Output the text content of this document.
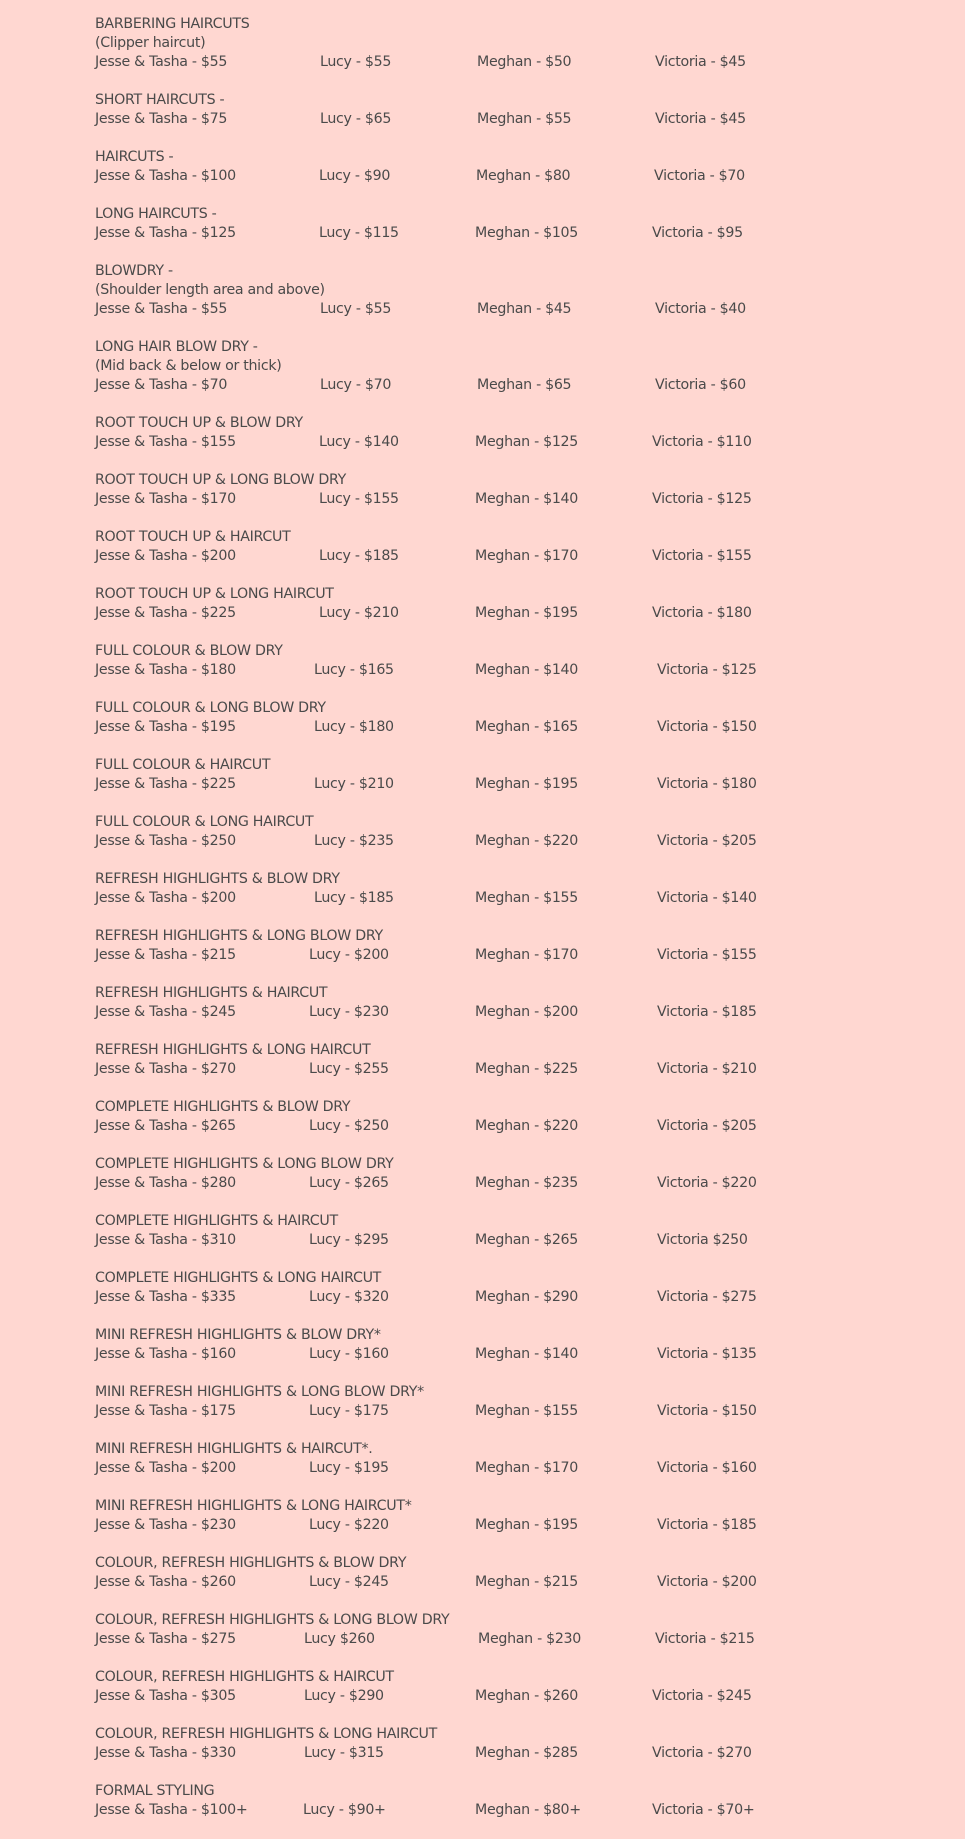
BARBERING HAIRCUTS
(Clipper haircut)
Jesse & Tasha - $55	Lucy - $55	Meghan - $50	Victoria - $45
SHORT HAIRCUTS -
Jesse & Tasha - $75	Lucy - $65	Meghan - $55	Victoria - $45
HAIRCUTS -
Jesse & Tasha - $100	Lucy - $90	Meghan - $80	Victoria - $70
LONG HAIRCUTS -
Jesse & Tasha - $125	Lucy - $115	Meghan - $105	Victoria - $95
BLOWDRY -
(Shoulder length area and above)
Jesse & Tasha - $55	Lucy - $55	Meghan - $45	Victoria - $40
LONG HAIR BLOW DRY -
(Mid back & below or thick)
Jesse & Tasha - $70	Lucy - $70	Meghan - $65	Victoria - $60
ROOT TOUCH UP & BLOW DRY
Jesse & Tasha - $155	Lucy - $140	Meghan - $125	Victoria - $110
ROOT TOUCH UP & LONG BLOW DRY
Jesse & Tasha - $170	Lucy - $155	Meghan - $140	Victoria - $125
ROOT TOUCH UP & HAIRCUT
Jesse & Tasha - $200	Lucy - $185	Meghan - $170	Victoria - $155
ROOT TOUCH UP & LONG HAIRCUT
Jesse & Tasha - $225	Lucy - $210	Meghan - $195	Victoria - $180
FULL COLOUR & BLOW DRY
Jesse & Tasha - $180	Lucy - $165	Meghan - $140	Victoria - $125
FULL COLOUR & LONG BLOW DRY
Jesse & Tasha - $195	Lucy - $180	Meghan - $165	Victoria - $150
FULL COLOUR & HAIRCUT
Jesse & Tasha - $225	Lucy - $210	Meghan - $195	Victoria - $180
FULL COLOUR & LONG HAIRCUT
Jesse & Tasha - $250	Lucy - $235	Meghan - $220	Victoria - $205
REFRESH HIGHLIGHTS & BLOW DRY
Jesse & Tasha - $200	Lucy - $185	Meghan - $155	Victoria - $140
REFRESH HIGHLIGHTS & LONG BLOW DRY
Jesse & Tasha - $215	Lucy - $200	Meghan - $170	Victoria - $155
REFRESH HIGHLIGHTS & HAIRCUT
Jesse & Tasha - $245	Lucy - $230	Meghan - $200	Victoria - $185
REFRESH HIGHLIGHTS & LONG HAIRCUT
Jesse & Tasha - $270	Lucy - $255	Meghan - $225	Victoria - $210
COMPLETE HIGHLIGHTS & BLOW DRY
Jesse & Tasha - $265	Lucy - $250	Meghan - $220	Victoria - $205
COMPLETE HIGHLIGHTS & LONG BLOW DRY
Jesse & Tasha - $280	Lucy - $265	Meghan - $235	Victoria - $220
COMPLETE HIGHLIGHTS & HAIRCUT
Jesse & Tasha - $310	Lucy - $295	Meghan - $265	Victoria $250
COMPLETE HIGHLIGHTS & LONG HAIRCUT
Jesse & Tasha - $335	Lucy - $320	Meghan - $290	Victoria - $275
MINI REFRESH HIGHLIGHTS & BLOW DRY*
Jesse & Tasha - $160	Lucy - $160	Meghan - $140	Victoria - $135
MINI REFRESH HIGHLIGHTS & LONG BLOW DRY*
Jesse & Tasha - $175	Lucy - $175	Meghan - $155	Victoria - $150
MINI REFRESH HIGHLIGHTS & HAIRCUT*.
Jesse & Tasha - $200	Lucy - $195	Meghan - $170	Victoria - $160
MINI REFRESH HIGHLIGHTS & LONG HAIRCUT*
Jesse & Tasha - $230	Lucy - $220	Meghan - $195	Victoria - $185
COLOUR, REFRESH HIGHLIGHTS & BLOW DRY
Jesse & Tasha - $260	Lucy - $245	Meghan - $215	Victoria - $200
COLOUR, REFRESH HIGHLIGHTS & LONG BLOW DRY
Jesse & Tasha - $275	Lucy $260	Meghan - $230	Victoria - $215
COLOUR, REFRESH HIGHLIGHTS & HAIRCUT
Jesse & Tasha - $305	Lucy - $290	Meghan - $260	Victoria - $245
COLOUR, REFRESH HIGHLIGHTS & LONG HAIRCUT
Jesse & Tasha - $330	Lucy - $315	Meghan - $285	Victoria - $270
FORMAL STYLING
Jesse & Tasha - $100+	Lucy - $90+	Meghan - $80+	Victoria - $70+
